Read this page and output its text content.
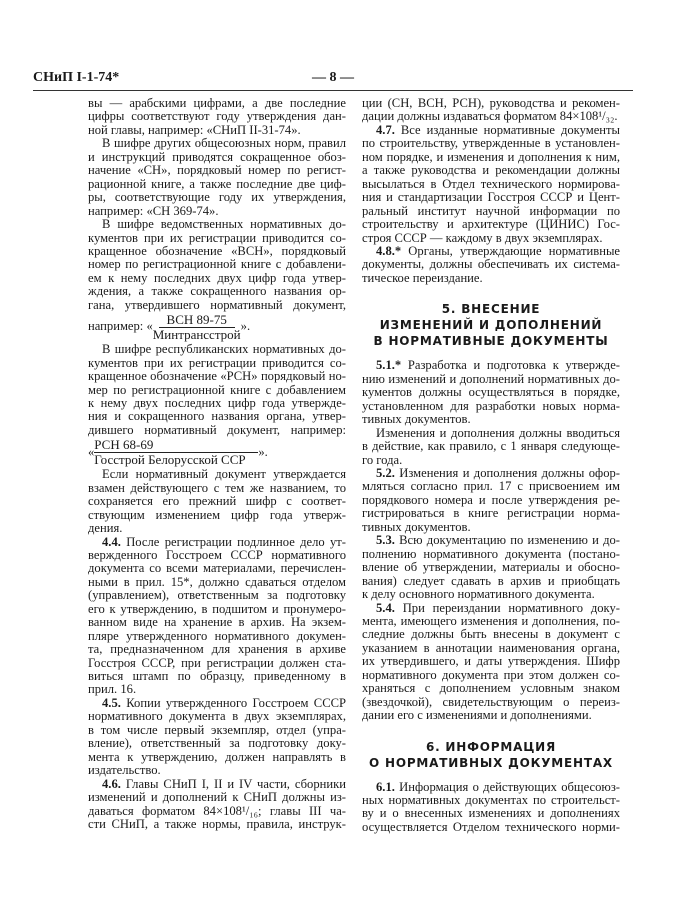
СНиП I-1-74*	— 8 —
вы — арабскими цифрами, а две последние
цифры соответствуют году утверждения дан-
ной главы, например: «СНиП II-31-74».
В шифре других общесоюзных норм, правил
и инструкций приводятся сокращенное обоз-
начение «СН», порядковый номер по регист-
рационной книге, а также последние две циф-
ры, соответствующие году их утверждения,
например: «СН 369-74».
В шифре ведомственных нормативных до-
кументов при их регистрации приводится со-
кращенное обозначение «ВСН», порядковый
номер по регистрационной книге с добавлени-
ем к нему последних двух цифр года утвер-
ждения, а также сокращенного названия ор-
гана, утвердившего нормативный документ,
например: « $\frac{\text{ВСН 89-75}}{\text{Минтрансстрой}}$ ».
В шифре республиканских нормативных до-
кументов при их регистрации приводится со-
кращенное обозначение «РСН» порядковый но-
мер по регистрационной книге с добавлением
к нему двух последних цифр года утвержде-
ния и сокращенного названия органа, утвер-
дившего нормативный документ, например:
« $\frac{\text{РСН 68-69}}{\text{Госстрой Белорусской ССР}}$ ».
Если нормативный документ утверждается
взамен действующего с тем же названием, то
сохраняется его прежний шифр с соответ-
ствующим изменением цифр года утверж-
дения.
4.4. После регистрации подлинное дело ут-
вержденного Госстроем СССР нормативного
документа со всеми материалами, перечислен-
ными в прил. 15*, должно сдаваться отделом
(управлением), ответственным за подготовку
его к утверждению, в подшитом и пронумеро-
ванном виде на хранение в архив. На экзем-
пляре утвержденного нормативного докумен-
та, предназначенном для хранения в архиве
Госстроя СССР, при регистрации должен ста-
виться штамп по образцу, приведенному в
прил. 16.
4.5. Копии утвержденного Госстроем СССР
нормативного документа в двух экземплярах,
в том числе первый экземпляр, отдел (упра-
вление), ответственный за подготовку доку-
мента к утверждению, должен направлять в
издательство.
4.6. Главы СНиП I, II и IV части, сборники
изменений и дополнений к СНиП должны из-
даваться форматом 84×108¹/₁₆; главы III ча-
сти СНиП, а также нормы, правила, инструк-
ции (СН, ВСН, РСН), руководства и рекомен-
дации должны издаваться форматом 84×108¹/₃₂.
4.7. Все изданные нормативные документы
по строительству, утвержденные в установлен-
ном порядке, и изменения и дополнения к ним,
а также руководства и рекомендации должны
высылаться в Отдел технического нормирова-
ния и стандартизации Госстроя СССР и Цент-
ральный институт научной информации по
строительству и архитектуре (ЦИНИС) Гос-
строя СССР — каждому в двух экземплярах.
4.8.* Органы, утверждающие нормативные
документы, должны обеспечивать их система-
тическое переиздание.
5. ВНЕСЕНИЕ
ИЗМЕНЕНИЙ И ДОПОЛНЕНИЙ
В НОРМАТИВНЫЕ ДОКУМЕНТЫ
5.1.* Разработка и подготовка к утвержде-
нию изменений и дополнений нормативных до-
кументов должны осуществляться в порядке,
установленном для разработки новых норма-
тивных документов.
Изменения и дополнения должны вводиться
в действие, как правило, с 1 января следующе-
го года.
5.2. Изменения и дополнения должны офор-
мляться согласно прил. 17 с присвоением им
порядкового номера и после утверждения ре-
гистрироваться в книге регистрации норма-
тивных документов.
5.3. Всю документацию по изменению и до-
полнению нормативного документа (постано-
вление об утверждении, материалы и обосно-
вания) следует сдавать в архив и приобщать
к делу основного нормативного документа.
5.4. При переиздании нормативного доку-
мента, имеющего изменения и дополнения, по-
следние должны быть внесены в документ с
указанием в аннотации наименования органа,
их утвердившего, и даты утверждения. Шифр
нормативного документа при этом должен со-
храняться с дополнением условным знаком
(звездочкой), свидетельствующим о переиз-
дании его с изменениями и дополнениями.
6. ИНФОРМАЦИЯ
О НОРМАТИВНЫХ ДОКУМЕНТАХ
6.1. Информация о действующих общесоюз-
ных нормативных документах по строительст-
ву и о внесенных изменениях и дополнениях
осуществляется Отделом технического норми-
